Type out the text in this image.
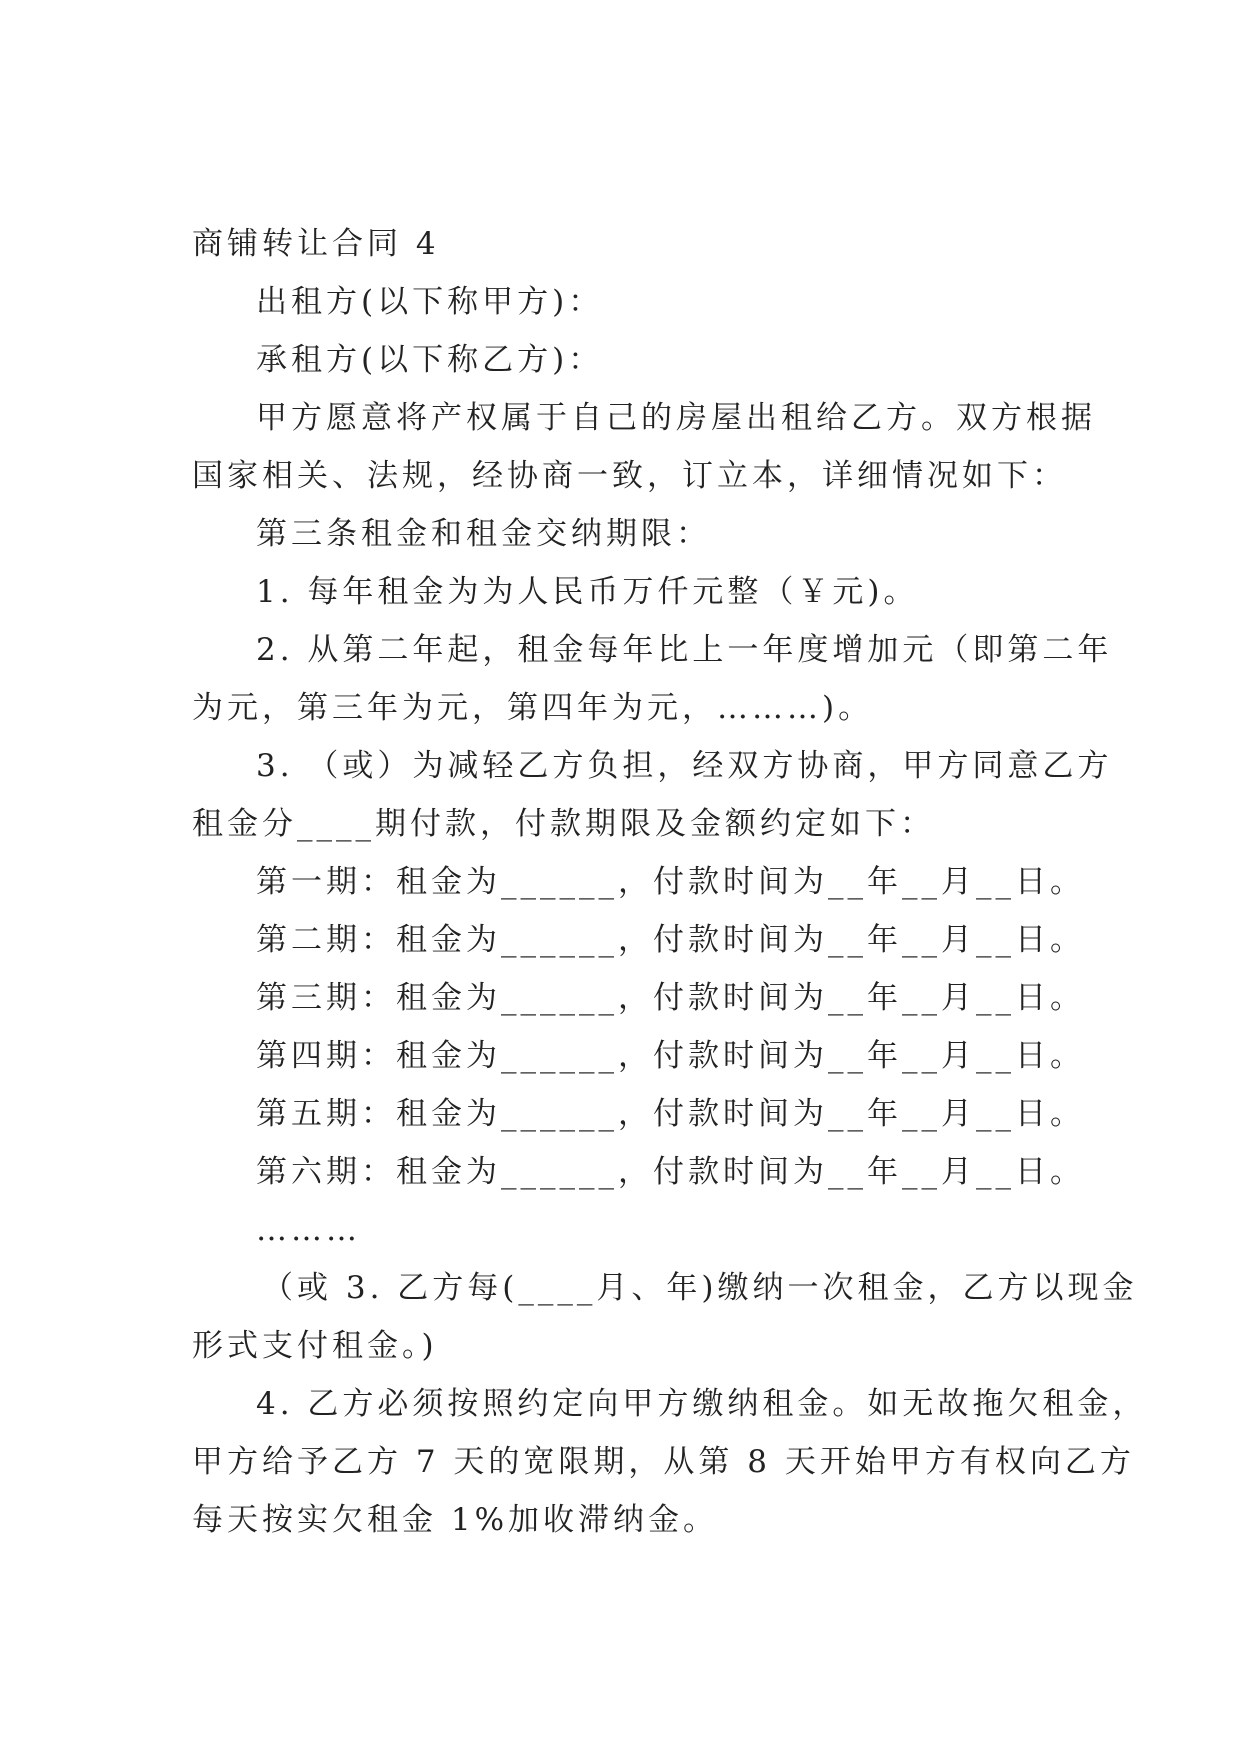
商铺转让合同 4
出租方(以下称甲方)：
承租方(以下称乙方)：
甲方愿意将产权属于自己的房屋出租给乙方。双方根据
国家相关、法规，经协商一致，订立本，详细情况如下：
第三条租金和租金交纳期限：
1. 每年租金为为人民币万仟元整（￥元)。
2. 从第二年起，租金每年比上一年度增加元（即第二年
为元，第三年为元，第四年为元，………)。
3. （或）为减轻乙方负担，经双方协商，甲方同意乙方
租金分____期付款，付款期限及金额约定如下：
第一期：租金为______，付款时间为__年__月__日。
第二期：租金为______，付款时间为__年__月__日。
第三期：租金为______，付款时间为__年__月__日。
第四期：租金为______，付款时间为__年__月__日。
第五期：租金为______，付款时间为__年__月__日。
第六期：租金为______，付款时间为__年__月__日。
………
（或 3. 乙方每(____月、年)缴纳一次租金，乙方以现金
形式支付租金。)
4. 乙方必须按照约定向甲方缴纳租金。如无故拖欠租金，
甲方给予乙方 7 天的宽限期，从第 8 天开始甲方有权向乙方
每天按实欠租金 1%加收滞纳金。
